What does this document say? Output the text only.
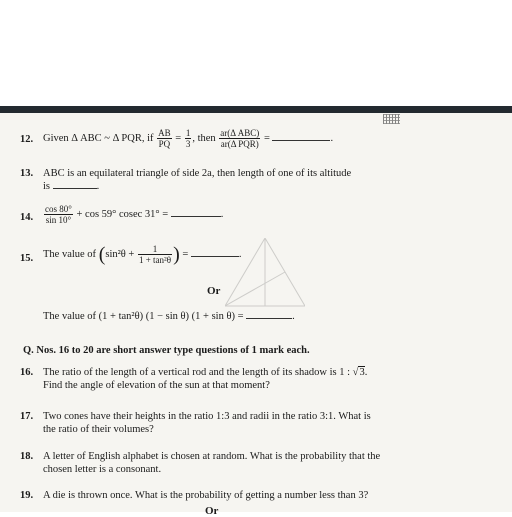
12. Given Δ ABC ~ Δ PQR, if $\frac{AB}{PQ} = \frac{1}{3}$ , then $\frac{\text{ar(Δ ABC)}}{\text{ar(Δ PQR)}}$ =	.
13. ABC is an equilateral triangle of side 2a, then length of one of its altitude
is	.
14. $\frac{\cos 80^\circ}{\sin 10^\circ} + \cos 59^\circ$ cosec 31° =	.
15. The value of ($\sin^2\theta + \frac{1}{\text{1 + tan²θ}}$ ) =	.
Or
The value of (1 + tan²θ) (1 − sin θ) (1 + sin θ) =	.
Q. Nos. 16 to 20 are short answer type questions of 1 mark each.
16. The ratio of the length of a vertical rod and the length of its shadow is 1 : √3.
Find the angle of elevation of the sun at that moment?
17. Two cones have their heights in the ratio 1:3 and radii in the ratio 3:1. What is
the ratio of their volumes?
18. A letter of English alphabet is chosen at random. What is the probability that the
chosen letter is a consonant.
19. A die is thrown once. What is the probability of getting a number less than 3?
Or
